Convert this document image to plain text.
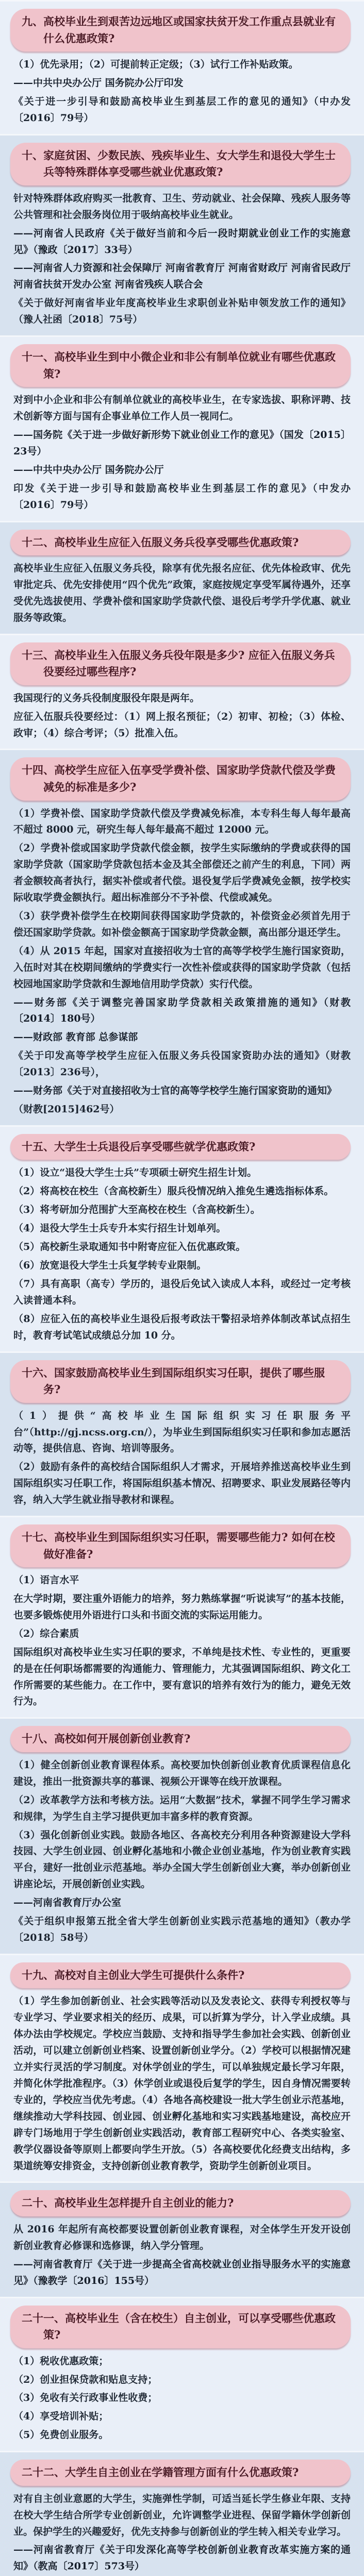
九、高校毕业生到艰苦边远地区或国家扶贫开发工作重点县就业有什么优惠政策?

（1）优先录用；（2）可提前转正定级；（3）试行工作补贴政策。

——中共中央办公厅 国务院办公厅印发

《关于进一步引导和鼓励高校毕业生到基层工作的意见的通知》（中办发〔2016〕79号）

十、家庭贫困、少数民族、残疾毕业生、女大学生和退役大学生士兵等特殊群体享受哪些就业优惠政策?

针对特殊群体政府购买一批教育、卫生、劳动就业、社会保障、残疾人服务等公共管理和社会服务岗位用于吸纳高校毕业生就业。

——河南省人民政府《关于做好当前和今后一段时期就业创业工作的实施意见》（豫政〔2017〕33号）

——河南省人力资源和社会保障厅 河南省教育厅 河南省财政厅 河南省民政厅 河南省扶贫开发办公室 河南省残疾人联合会

《关于做好河南省毕业年度高校毕业生求职创业补贴申领发放工作的通知》（豫人社函〔2018〕75号）

十一、高校毕业生到中小微企业和非公有制单位就业有哪些优惠政策?

对到中小企业和非公有制单位就业的高校毕业生，在专家选拔、职称评聘、技术创新等方面与国有企事业单位工作人员一视同仁。

——国务院《关于进一步做好新形势下就业创业工作的意见》（国发〔2015〕23号）

——中共中央办公厅 国务院办公厅

印发《关于进一步引导和鼓励高校毕业生到基层工作的意见》（中发办〔2016〕79号）

十二、高校毕业生应征入伍服义务兵役享受哪些优惠政策?

高校毕业生应征入伍服义务兵役，除享有优先报名应征、优先体检政审、优先审批定兵、优先安排使用“四个优先”政策，家庭按规定享受军属待遇外，还享受优先选拔使用、学费补偿和国家助学贷款代偿、退役后考学升学优惠、就业服务等政策。

十三、高校毕业生入伍服义务兵役年限是多少? 应征入伍服义务兵役要经过哪些程序?

我国现行的义务兵役制度服役年限是两年。

应征入伍服兵役要经过：（1）网上报名预征；（2）初审、初检；（3）体检、政审；（4）综合考评；（5）批准入伍。

十四、高校学生应征入伍享受学费补偿、国家助学贷款代偿及学费减免的标准是多少?

（1）学费补偿、国家助学贷款代偿及学费减免标准，本专科生每人每年最高不超过 8000 元，研究生每人每年最高不超过 12000 元。

（2）学费补偿或国家助学贷款代偿金额，按学生实际缴纳的学费或获得的国家助学贷款（国家助学贷款包括本金及其全部偿还之前产生的利息，下同）两者金额较高者执行，据实补偿或者代偿。退役复学后学费减免金额，按学校实际收取学费金额执行。超出标准部分不予补偿、代偿或减免。

（3）获学费补偿学生在校期间获得国家助学贷款的，补偿资金必须首先用于偿还国家助学贷款。如补偿金额高于国家助学贷款金额，高出部分退还学生。

（4）从 2015 年起，国家对直接招收为士官的高等学校学生施行国家资助，入伍时对其在校期间缴纳的学费实行一次性补偿或获得的国家助学贷款（包括校园地国家助学贷款和生源地信用助学贷款）实行代偿。

——财务部《关于调整完善国家助学贷款相关政策措施的通知》（财教〔2014〕180号）

——财政部 教育部 总参谋部

《关于印发高等学校学生应征入伍服义务兵役国家资助办法的通知》（财教〔2013〕236号），

——财务部《关于对直接招收为士官的高等学校学生施行国家资助的通知》

（财教[2015]462号）

十五、大学生士兵退役后享受哪些就学优惠政策?

（1）设立“退役大学生士兵”专项硕士研究生招生计划。

（2）将高校在校生（含高校新生）服兵役情况纳入推免生遴选指标体系。

（3）将考研加分范围扩大至高校在校生（含高校新生）。

（4）退役大学生士兵专升本实行招生计划单列。

（5）高校新生录取通知书中附寄应征入伍优惠政策。

（6）放宽退役大学生士兵复学转专业限制。

（7）具有高职（高专）学历的，退役后免试入读成人本科，或经过一定考核入读普通本科。

（8）应征入伍的高校毕业生退役后报考政法干警招录培养体制改革试点招生时，教育考试笔试成绩总分加 10 分。

十六、国家鼓励高校毕业生到国际组织实习任职，提供了哪些服务?

（1）提供“高校毕业生国际组织实习任职服务平台”（http://gj.ncss.org.cn/），为毕业生到国际组织实习任职和参加志愿活动等，提供信息、咨询、培训等服务。

（2）鼓励有条件的高校结合国际组织人才需求，开展培养推送高校毕业生到国际组织实习任职工作，将国际组织基本情况、招聘要求、职业发展路径等内容，纳入大学生就业指导教材和课程。

十七、高校毕业生到国际组织实习任职，需要哪些能力? 如何在校做好准备?

（1）语言水平

在大学时期，要注重外语能力的培养，努力熟练掌握“听说读写”的基本技能，也要多锻炼使用外语进行口头和书面交流的实际运用能力。

（2）综合素质

国际组织对高校毕业生实习任职的要求，不单纯是技术性、专业性的，更重要的是在任何职场都需要的沟通能力、管理能力，尤其强调国际组织、跨文化工作所需要的某些能力。在工作中，要有意识的培养有效行为的能力，避免无效行为。

十八、高校如何开展创新创业教育?

（1）健全创新创业教育课程体系。高校要加快创新创业教育优质课程信息化建设，推出一批资源共享的慕课、视频公开课等在线开放课程。

（2）改革教学方法和考核方法。运用“大数据”技术，掌握不同学生学习需求和规律，为学生自主学习提供更加丰富多样的教育资源。

（3）强化创新创业实践。鼓励各地区、各高校充分利用各种资源建设大学科技园、大学生创业园、创业孵化基地和小微企业创业基地，作为创业教育实践平台，建好一批创业示范基地。举办全国大学生创新创业大赛，举办创新创业讲座论坛，开展创新创业实践。

——河南省教育厅办公室

《关于组织申报第五批全省大学生创新创业实践示范基地的通知》（教办学〔2018〕58号）

十九、高校对自主创业大学生可提供什么条件?

（1）学生参加创新创业、社会实践等活动以及发表论文、获得专利授权等与专业学习、学业要求相关的经历、成果，可以折算为学分，计入学业成绩。具体办法由学校规定。学校应当鼓励、支持和指导学生参加社会实践、创新创业活动，可以建立创新创业档案、设置创新创业学分。（2）学校可以根据情况建立并实行灵活的学习制度。对休学创业的学生，可以单独规定最长学习年限，并简化休学批准程序。（3）休学创业或退役后复学的学生，因自身情况需要转专业的，学校应当优先考虑。（4）各地各高校建设一批大学生创业示范基地，继续推动大学科技园、创业园、创业孵化基地和实习实践基地建设，高校应开辟专门场地用于学生创新创业实践活动，教育部工程研究中心、各类实验室、教学仪器设备等原则上都要向学生开放。（5）各高校要优化经费支出结构，多渠道统筹安排资金，支持创新创业教育教学，资助学生创新创业项目。

二十、高校毕业生怎样提升自主创业的能力?

从 2016 年起所有高校都要设置创新创业教育课程，对全体学生开发开设创新创业教育必修课和选修课，纳入学分管理。

——河南省教育厅《关于进一步提高全省高校就业创业指导服务水平的实施意见》（豫教学〔2016〕155号）

二十一、高校毕业生（含在校生）自主创业，可以享受哪些优惠政策?

（1）税收优惠政策；

（2）创业担保贷款和贴息支持；

（3）免收有关行政事业性收费；

（4）享受培训补贴；

（5）免费创业服务。

二十二、大学生自主创业在学籍管理方面有什么优惠政策?

对有自主创业意愿的大学生，实施弹性学制，可适当延长学生修业年限、支持在校大学生结合所学专业创新创业，允许调整学业进程、保留学籍休学创新创业。保护学生的兴趣爱好，优先支持参与创新创业的学生转入相关专业学习。

——河南省教育厅《关于印发深化高等学校创新创业教育改革实施方案的通知》（教高〔2017〕573号）
